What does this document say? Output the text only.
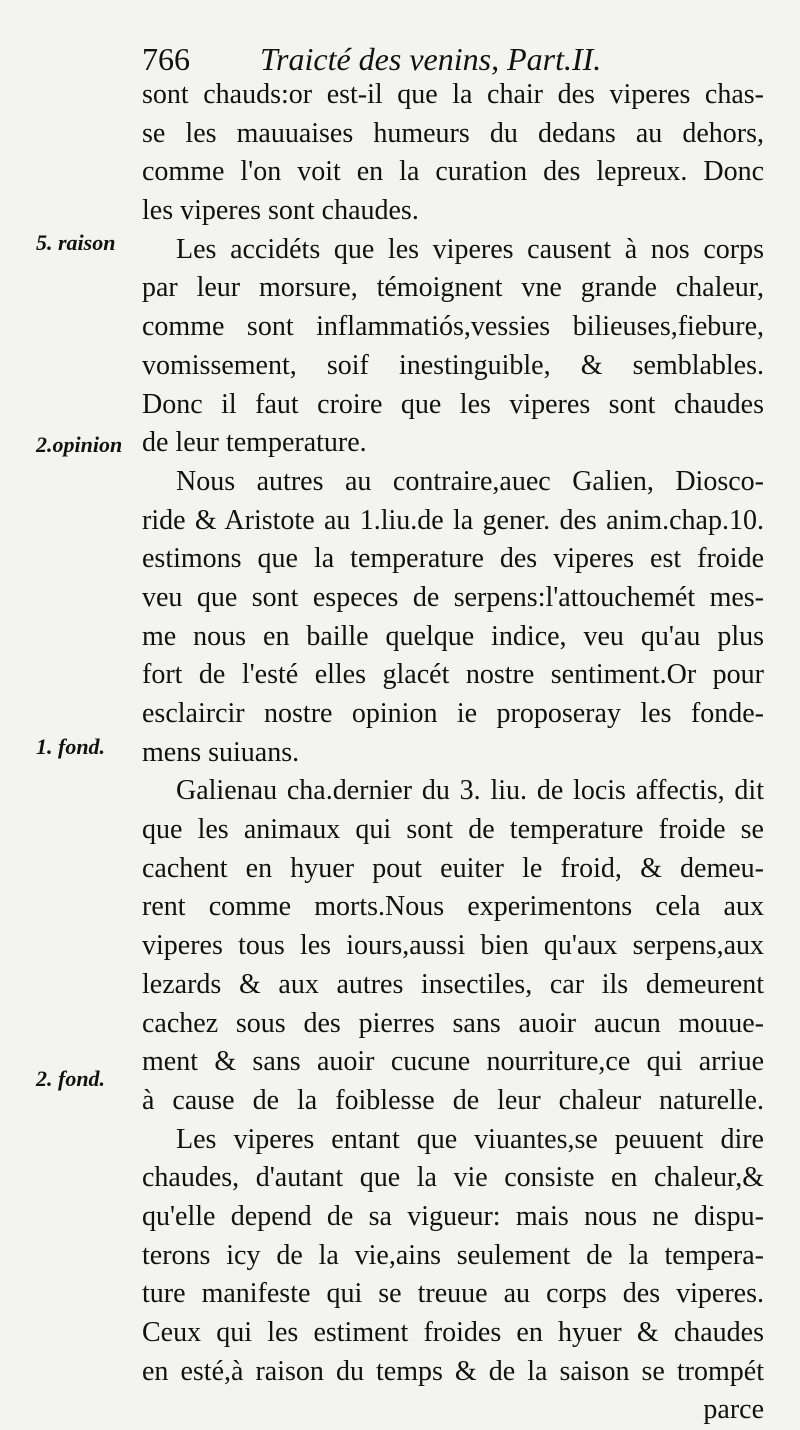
766 Traicté des venins, Part.II.
5. raison
2.opinion
1. fond.
2. fond.
sont chauds:or est-il que la chair des viperes chas-
se les mauuaises humeurs du dedans au dehors,
comme l'on voit en la curation des lepreux. Donc
les viperes sont chaudes.
Les accidéts que les viperes causent à nos corps
par leur morsure, témoignent vne grande chaleur,
comme sont inflammatiós,vessies bilieuses,fiebure,
vomissement, soif inestinguible, & semblables.
Donc il faut croire que les viperes sont chaudes
de leur temperature.
Nous autres au contraire,auec Galien, Diosco-
ride & Aristote au 1.liu.de la gener. des anim.chap.10.
estimons que la temperature des viperes est froide
veu que sont especes de serpens:l'attouchemét mes-
me nous en baille quelque indice, veu qu'au plus
fort de l'esté elles glacét nostre sentiment.Or pour
esclaircir nostre opinion ie proposeray les fonde-
mens suiuans.
Galienau cha.dernier du 3. liu. de locis affectis, dit
que les animaux qui sont de temperature froide se
cachent en hyuer pout euiter le froid, & demeu-
rent comme morts.Nous experimentons cela aux
viperes tous les iours,aussi bien qu'aux serpens,aux
lezards & aux autres insectiles, car ils demeurent
cachez sous des pierres sans auoir aucun mouue-
ment & sans auoir cucune nourriture,ce qui arriue
à cause de la foiblesse de leur chaleur naturelle.
Les viperes entant que viuantes,se peuuent dire
chaudes, d'autant que la vie consiste en chaleur,&
qu'elle depend de sa vigueur: mais nous ne dispu-
terons icy de la vie,ains seulement de la tempera-
ture manifeste qui se treuue au corps des viperes.
Ceux qui les estiment froides en hyuer & chaudes
en esté,à raison du temps & de la saison se trompét
parce
